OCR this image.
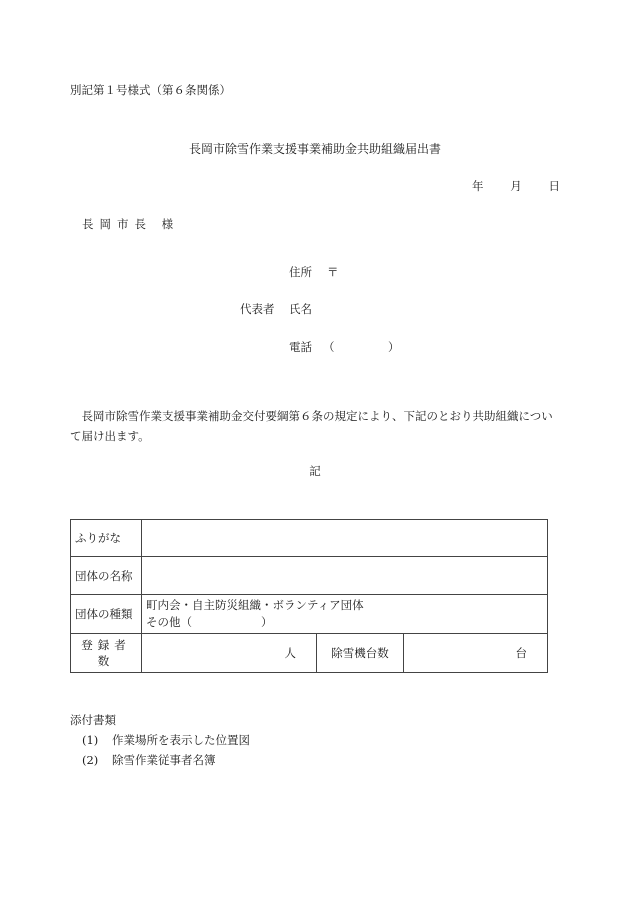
別記第１号様式（第６条関係）
長岡市除雪作業支援事業補助金共助組織届出書
年 月 日
長岡市長 様
住所 〒
代表者 氏名
電話 （	）
長岡市除雪作業支援事業補助金交付要綱第６条の規定により、下記のとおり共助組織について届け出ます。
記
ふりがな			
団体の名称			
団体の種類	町内会・自主防災組織・ボランティア団体
その他（　　　　　　）		

登録者数	人	除雪機台数	台
添付書類
(1) 作業場所を表示した位置図
(2) 除雪作業従事者名簿
